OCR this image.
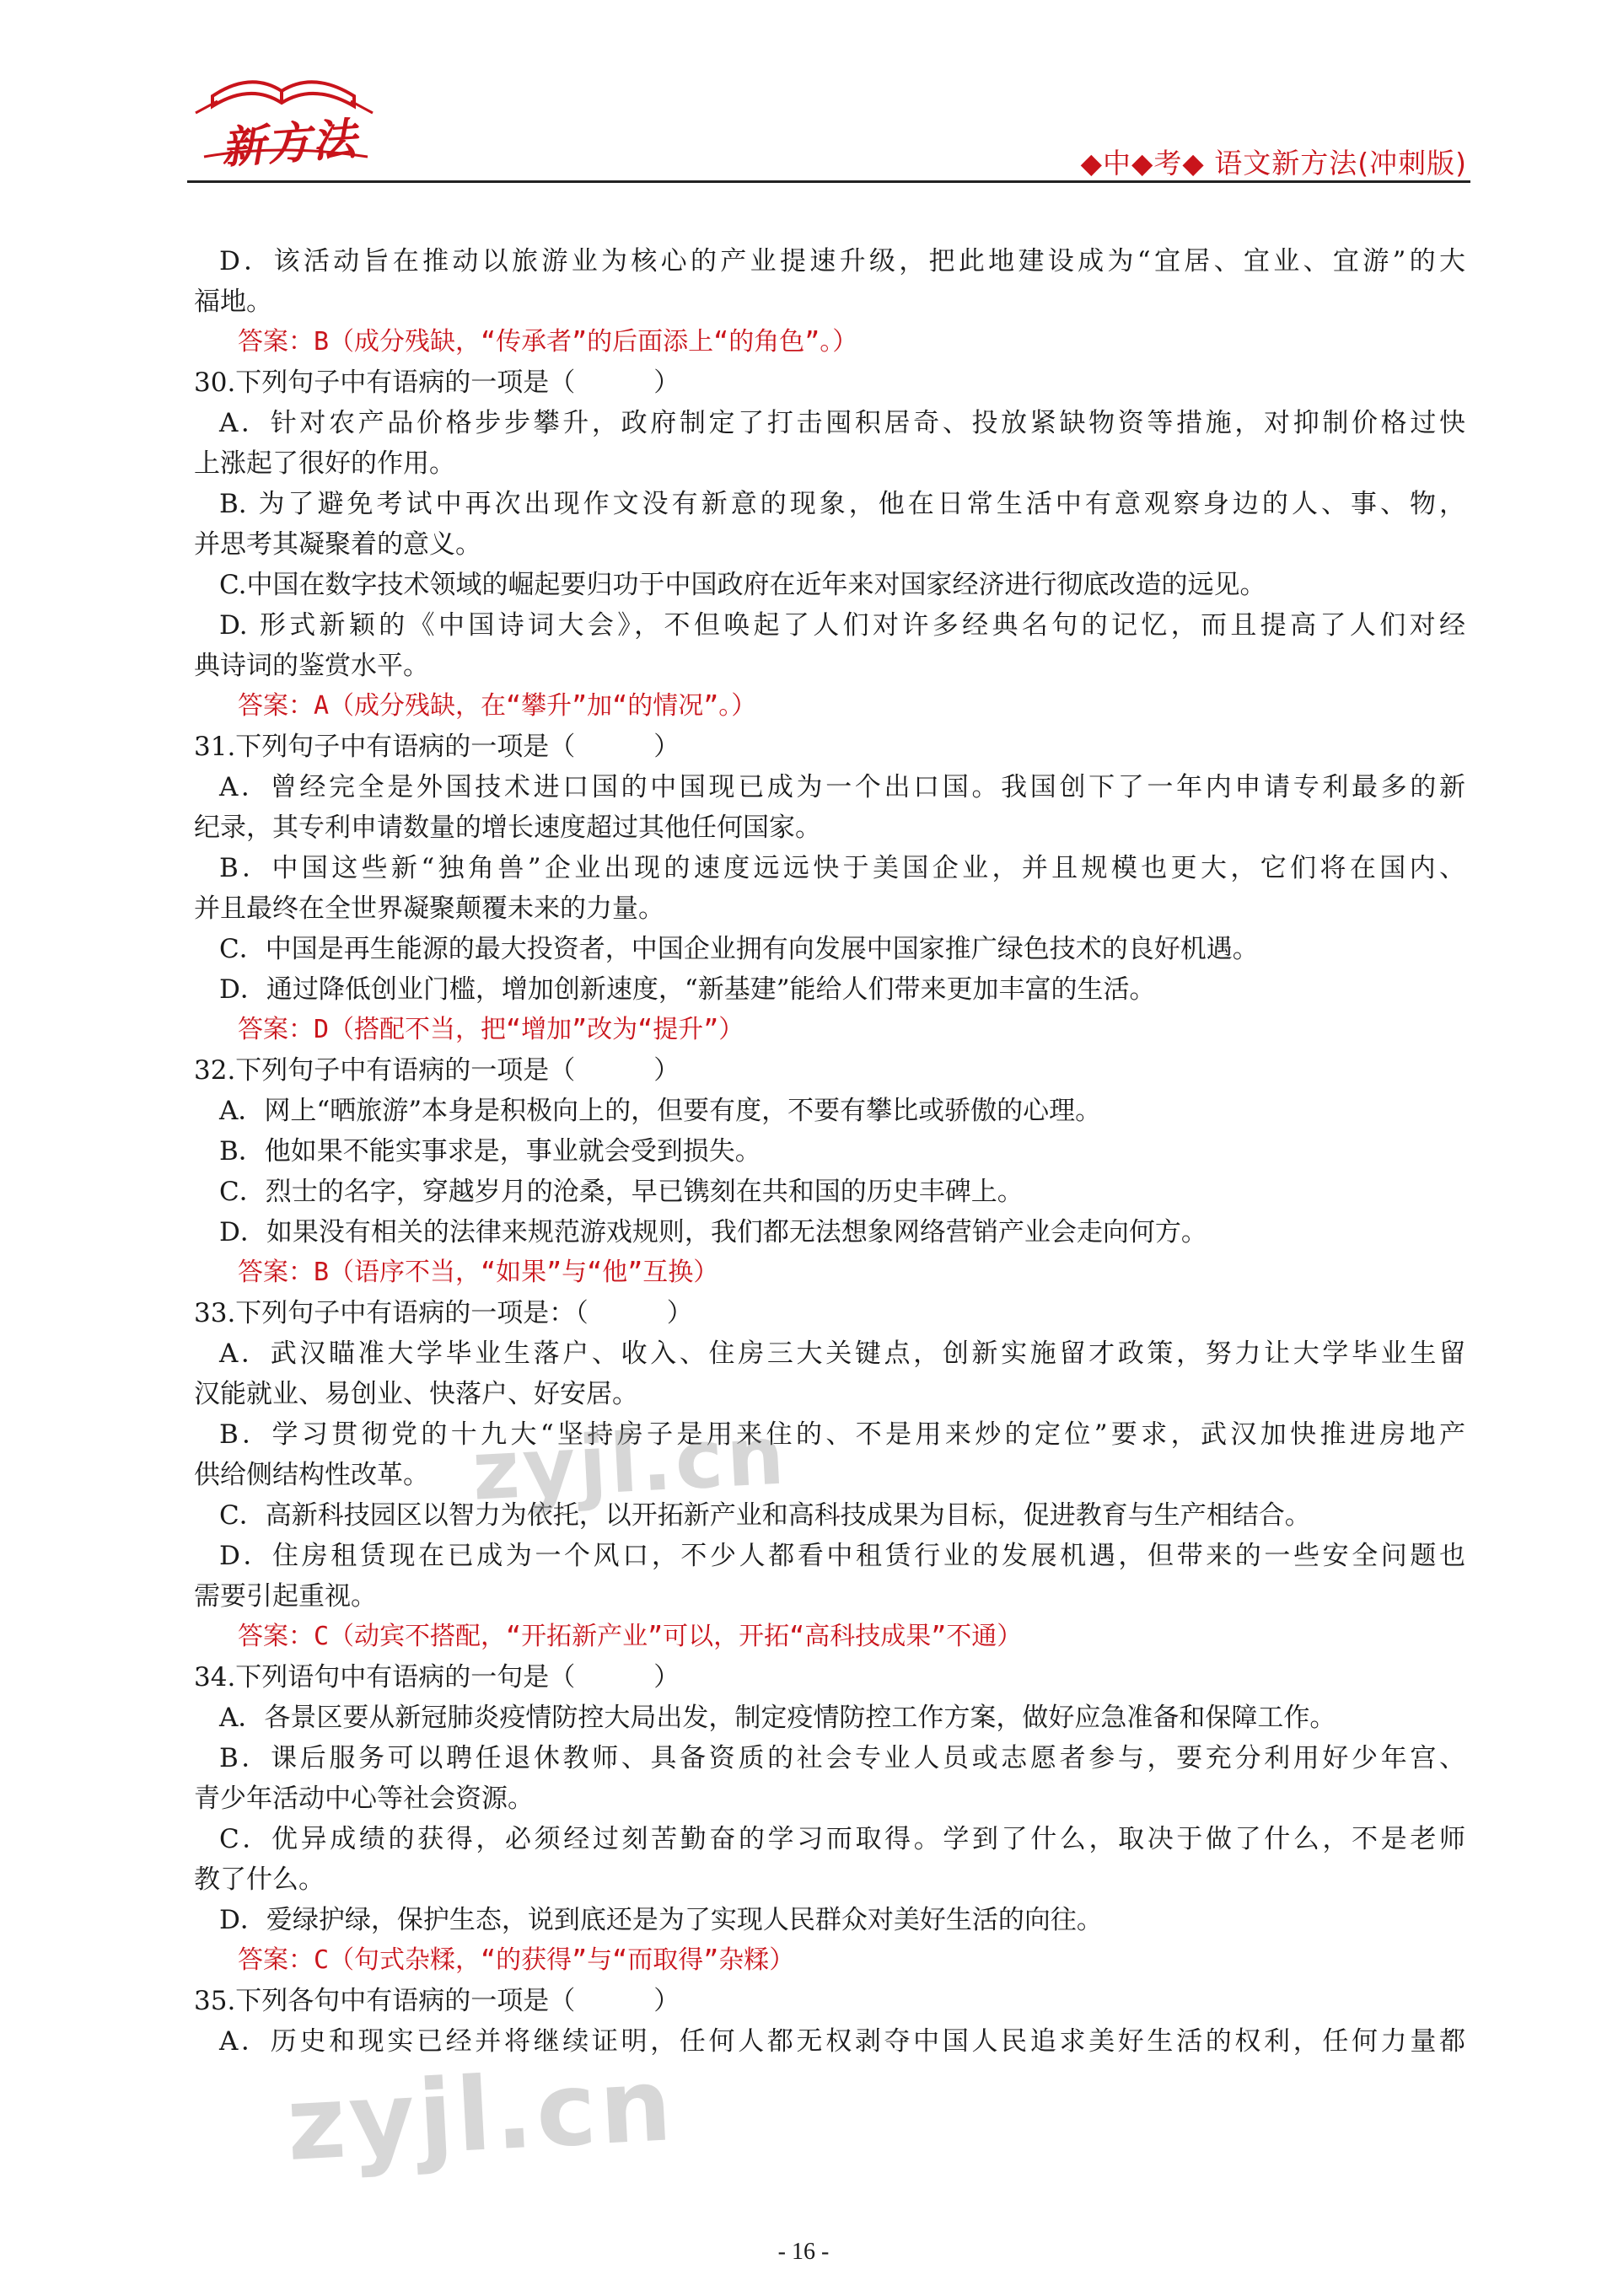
新方法	◆中◆考◆ 语文新方法(冲刺版)
D．该活动旨在推动以旅游业为核心的产业提速升级，把此地建设成为“宜居、宜业、宜游”的大
福地。
答案：B（成分残缺，“传承者”的后面添上“的角色”。）
30.下列句子中有语病的一项是（　　　）
A．针对农产品价格步步攀升，政府制定了打击囤积居奇、投放紧缺物资等措施，对抑制价格过快
上涨起了很好的作用。
B. 为了避免考试中再次出现作文没有新意的现象，他在日常生活中有意观察身边的人、事、物，
并思考其凝聚着的意义。
C.中国在数字技术领域的崛起要归功于中国政府在近年来对国家经济进行彻底改造的远见。
D. 形式新颖的《中国诗词大会》，不但唤起了人们对许多经典名句的记忆，而且提高了人们对经
典诗词的鉴赏水平。
答案：A（成分残缺，在“攀升”加“的情况”。）
31.下列句子中有语病的一项是（　　　）
A．曾经完全是外国技术进口国的中国现已成为一个出口国。我国创下了一年内申请专利最多的新
纪录，其专利申请数量的增长速度超过其他任何国家。
B．中国这些新“独角兽”企业出现的速度远远快于美国企业，并且规模也更大，它们将在国内、
并且最终在全世界凝聚颠覆未来的力量。
C．中国是再生能源的最大投资者，中国企业拥有向发展中国家推广绿色技术的良好机遇。
D．通过降低创业门槛，增加创新速度，“新基建”能给人们带来更加丰富的生活。
答案：D（搭配不当，把“增加”改为“提升”）
32.下列句子中有语病的一项是（　　　）
A．网上“晒旅游”本身是积极向上的，但要有度，不要有攀比或骄傲的心理。
B．他如果不能实事求是，事业就会受到损失。
C．烈士的名字，穿越岁月的沧桑，早已镌刻在共和国的历史丰碑上。
D．如果没有相关的法律来规范游戏规则，我们都无法想象网络营销产业会走向何方。
答案：B（语序不当，“如果”与“他”互换）
33.下列句子中有语病的一项是：（　　　）
A．武汉瞄准大学毕业生落户、收入、住房三大关键点，创新实施留才政策，努力让大学毕业生留
汉能就业、易创业、快落户、好安居。
B．学习贯彻党的十九大“坚持房子是用来住的、不是用来炒的定位”要求，武汉加快推进房地产
供给侧结构性改革。
C．高新科技园区以智力为依托，以开拓新产业和高科技成果为目标，促进教育与生产相结合。
D．住房租赁现在已成为一个风口，不少人都看中租赁行业的发展机遇，但带来的一些安全问题也
需要引起重视。
答案：C（动宾不搭配，“开拓新产业”可以，开拓“高科技成果”不通）
34.下列语句中有语病的一句是（　　　）
A．各景区要从新冠肺炎疫情防控大局出发，制定疫情防控工作方案，做好应急准备和保障工作。
B．课后服务可以聘任退休教师、具备资质的社会专业人员或志愿者参与，要充分利用好少年宫、
青少年活动中心等社会资源。
C．优异成绩的获得，必须经过刻苦勤奋的学习而取得。学到了什么，取决于做了什么，不是老师
教了什么。
D．爱绿护绿，保护生态，说到底还是为了实现人民群众对美好生活的向往。
答案：C（句式杂糅，“的获得”与“而取得”杂糅）
35.下列各句中有语病的一项是（　　　）
A．历史和现实已经并将继续证明，任何人都无权剥夺中国人民追求美好生活的权利，任何力量都
zyjl.cn
zyjl.cn
- 16 -
